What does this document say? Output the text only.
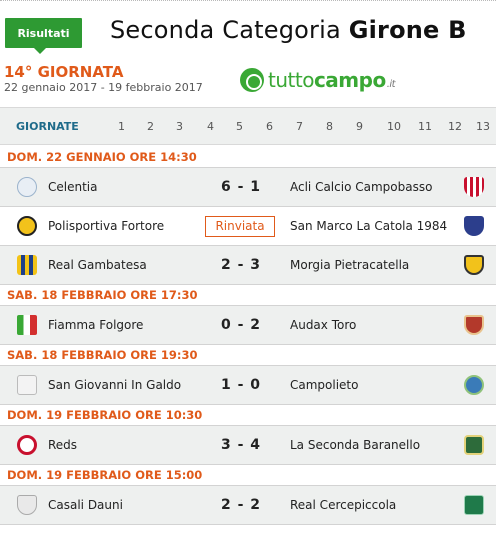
Risultati	Seconda Categoria Girone B
14° GIORNATA
22 gennaio 2017 - 19 febbraio 2017	tuttocampo.it
GIORNATE	1 2 3 4 5 6 7 8 9 10 11 12 13
DOM. 22 GENNAIO ORE 14:30
Celentia	6 - 1	Acli Calcio Campobasso
Polisportiva Fortore	Rinviata	San Marco La Catola 1984
Real Gambatesa	2 - 3	Morgia Pietracatella
SAB. 18 FEBBRAIO ORE 17:30
Fiamma Folgore	0 - 2	Audax Toro
SAB. 18 FEBBRAIO ORE 19:30
San Giovanni In Galdo	1 - 0	Campolieto
DOM. 19 FEBBRAIO ORE 10:30
Reds	3 - 4	La Seconda Baranello
DOM. 19 FEBBRAIO ORE 15:00
Casali Dauni	2 - 2	Real Cercepiccola
